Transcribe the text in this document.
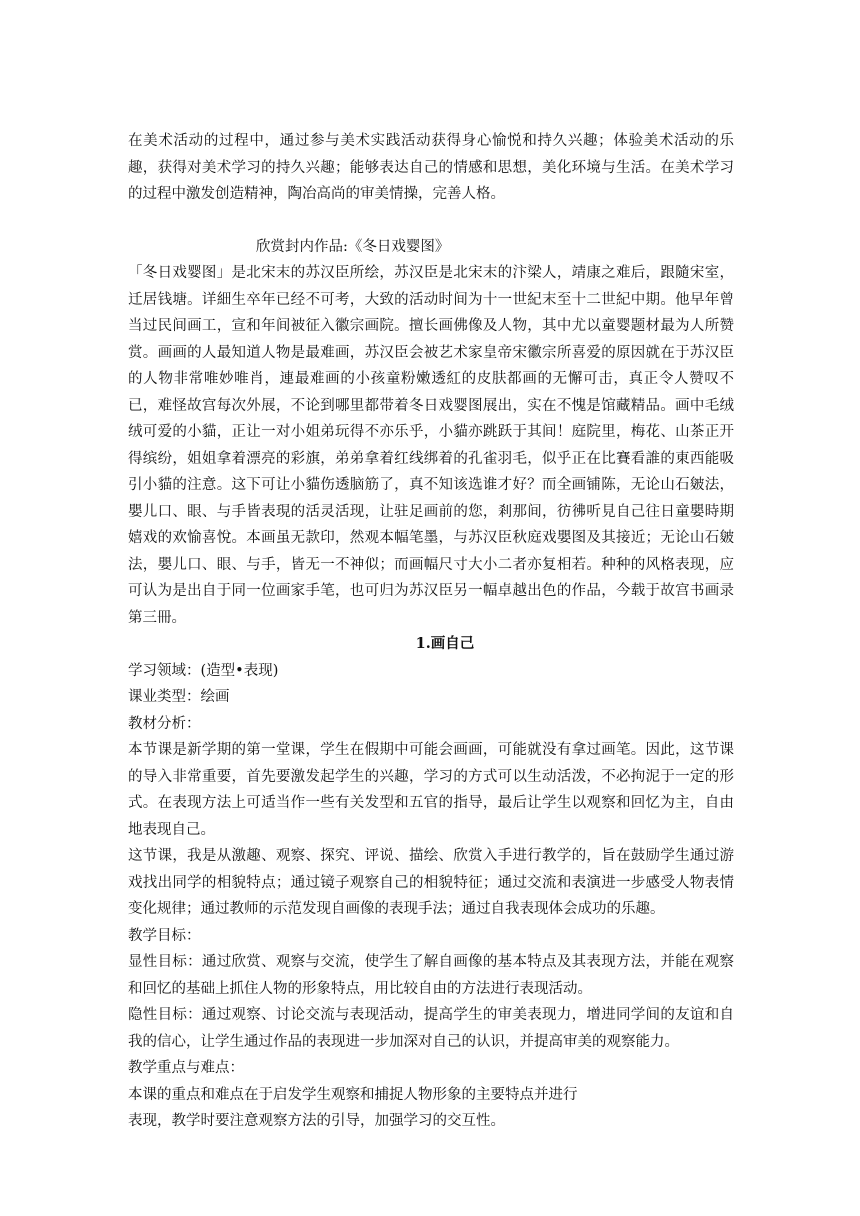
在美术活动的过程中，通过参与美术实践活动获得身心愉悦和持久兴趣；体验美术活动的乐趣，获得对美术学习的持久兴趣；能够表达自己的情感和思想，美化环境与生活。在美术学习的过程中激发创造精神，陶冶高尚的审美情操，完善人格。

欣赏封内作品:《冬日戏婴图》

「冬日戏婴图」是北宋末的苏汉臣所绘，苏汉臣是北宋末的汴梁人，靖康之难后，跟隨宋室，迁居钱塘。详細生卒年已经不可考，大致的活动时间为十一世紀末至十二世紀中期。他早年曾当过民间画工，宣和年间被征入徽宗画院。擅长画佛像及人物，其中尤以童婴题材最为人所赞赏。画画的人最知道人物是最难画，苏汉臣会被艺术家皇帝宋徽宗所喜爱的原因就在于苏汉臣的人物非常唯妙唯肖，連最难画的小孩童粉嫩透紅的皮肤都画的无懈可击，真正令人赞叹不已，难怪故宫每次外展，不论到哪里都带着冬日戏婴图展出，实在不愧是馆藏精品。画中毛绒绒可爱的小貓，正让一对小姐弟玩得不亦乐乎，小貓亦跳跃于其间！庭院里，梅花、山茶正开得缤纷，姐姐拿着漂亮的彩旗，弟弟拿着红线绑着的孔雀羽毛，似乎正在比賽看誰的東西能吸引小貓的注意。这下可让小貓伤透脑筋了，真不知该选谁才好？而全画铺陈，无论山石皴法，嬰儿口、眼、与手皆表現的活灵活现，让驻足画前的您，剎那间，彷彿听見自己往日童嬰時期嬉戏的欢愉喜悅。本画虽无款印，然观本幅笔墨，与苏汉臣秋庭戏嬰图及其接近；无论山石皴法，嬰儿口、眼、与手，皆无一不神似；而画幅尺寸大小二者亦复相若。种种的风格表现，应可认为是出自于同一位画家手笔，也可归为苏汉臣另一幅卓越出色的作品，今载于故宫书画录第三冊。

1.画自己

学习领域：(造型•表现)

课业类型：绘画

教材分析：

本节课是新学期的第一堂课，学生在假期中可能会画画，可能就没有拿过画笔。因此，这节课的导入非常重要，首先要激发起学生的兴趣，学习的方式可以生动活泼，不必拘泥于一定的形式。在表现方法上可适当作一些有关发型和五官的指导，最后让学生以观察和回忆为主，自由地表现自己。

这节课，我是从激趣、观察、探究、评说、描绘、欣赏入手进行教学的，旨在鼓励学生通过游戏找出同学的相貌特点；通过镜子观察自己的相貌特征；通过交流和表演进一步感受人物表情变化规律；通过教师的示范发现自画像的表现手法；通过自我表现体会成功的乐趣。

教学目标：

显性目标：通过欣赏、观察与交流，使学生了解自画像的基本特点及其表现方法，并能在观察和回忆的基础上抓住人物的形象特点，用比较自由的方法进行表现活动。

隐性目标：通过观察、讨论交流与表现活动，提高学生的审美表现力，增进同学间的友谊和自我的信心，让学生通过作品的表现进一步加深对自己的认识，并提高审美的观察能力。

教学重点与难点：

本课的重点和难点在于启发学生观察和捕捉人物形象的主要特点并进行

表现，教学时要注意观察方法的引导，加强学习的交互性。
